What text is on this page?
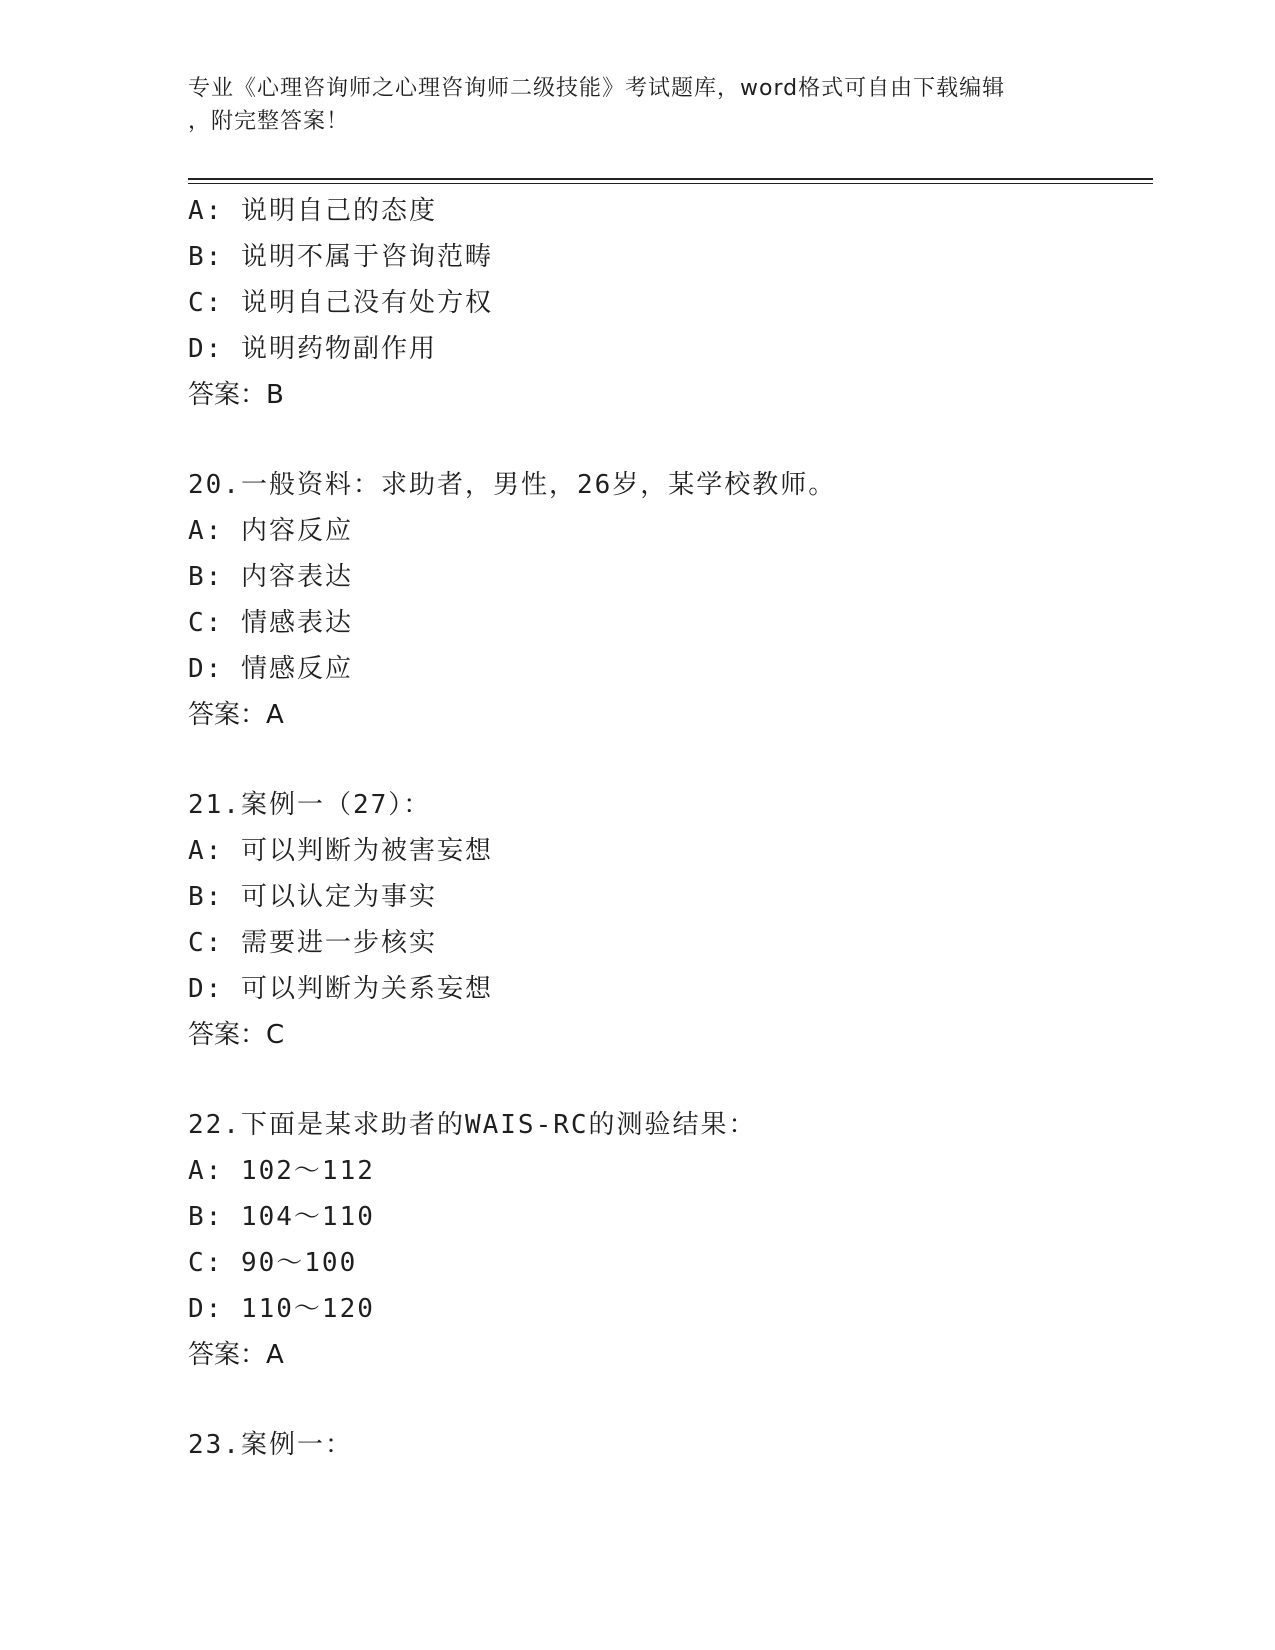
专业《心理咨询师之心理咨询师二级技能》考试题库，word格式可自由下载编辑
，附完整答案！
A: 说明自己的态度
B: 说明不属于咨询范畴
C: 说明自己没有处方权
D: 说明药物副作用
答案：B
20.一般资料：求助者，男性，26岁，某学校教师。
A: 内容反应
B: 内容表达
C: 情感表达
D: 情感反应
答案：A
21.案例一（27）：
A: 可以判断为被害妄想
B: 可以认定为事实
C: 需要进一步核实
D: 可以判断为关系妄想
答案：C
22.下面是某求助者的WAIS-RC的测验结果：
A: 102～112
B: 104～110
C: 90～100
D: 110～120
答案：A
23.案例一：
